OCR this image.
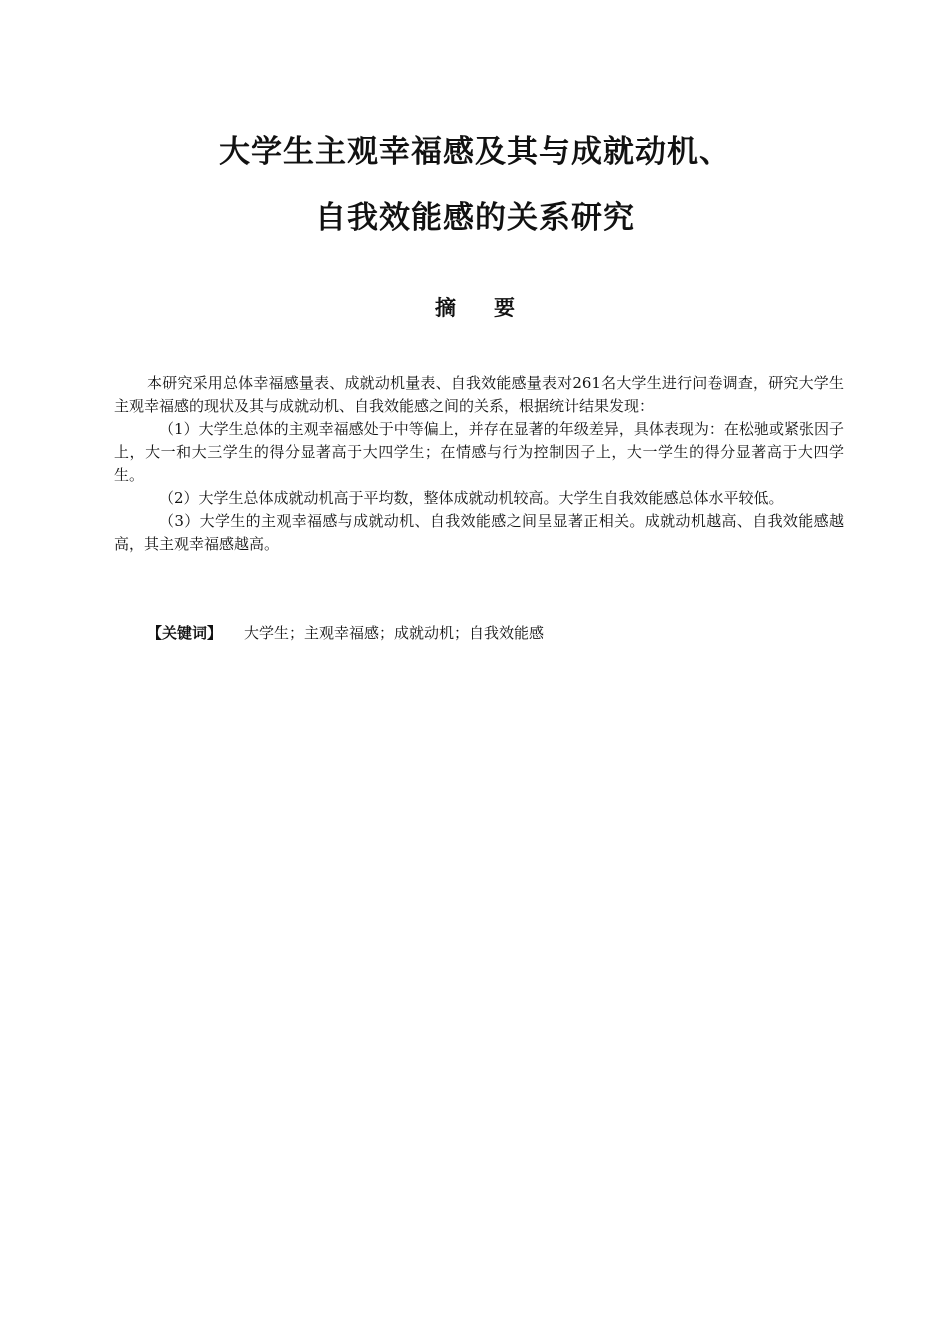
大学生主观幸福感及其与成就动机、
自我效能感的关系研究
摘要

本研究采用总体幸福感量表、成就动机量表、自我效能感量表对261名大学生进行问卷调查，研究大学生主观幸福感的现状及其与成就动机、自我效能感之间的关系，根据统计结果发现：

（1）大学生总体的主观幸福感处于中等偏上，并存在显著的年级差异，具体表现为：在松驰或紧张因子上，大一和大三学生的得分显著高于大四学生；在情感与行为控制因子上，大一学生的得分显著高于大四学生。

（2）大学生总体成就动机高于平均数，整体成就动机较高。大学生自我效能感总体水平较低。

（3）大学生的主观幸福感与成就动机、自我效能感之间呈显著正相关。成就动机越高、自我效能感越高，其主观幸福感越高。

【关键词】 大学生；主观幸福感；成就动机；自我效能感
